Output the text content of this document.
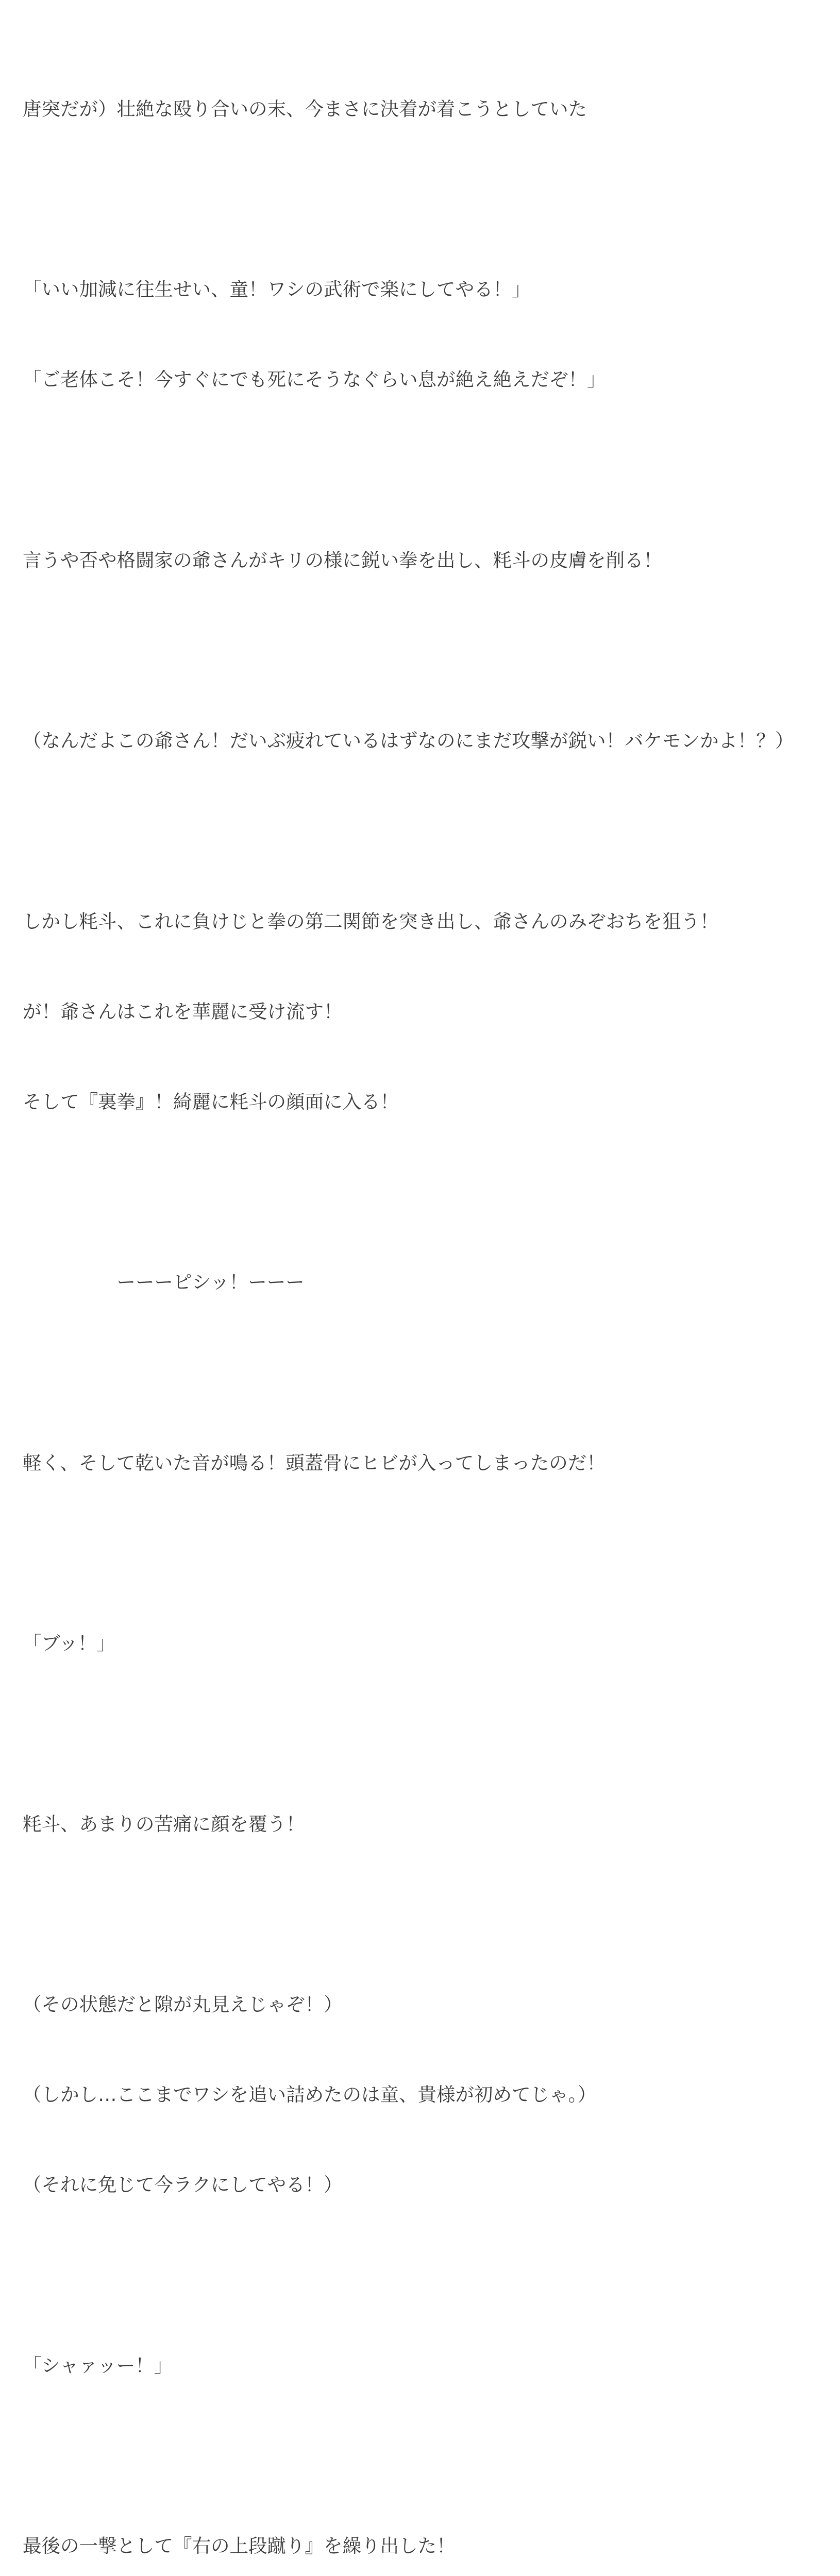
唐突だが）壮絶な殴り合いの末、今まさに決着が着こうとしていた

「いい加減に往生せい、童！ワシの武術で楽にしてやる！」

「ご老体こそ！今すぐにでも死にそうなぐらい息が絶え絶えだぞ！」

言うや否や格闘家の爺さんがキリの様に鋭い拳を出し、粍斗の皮膚を削る！

（なんだよこの爺さん！だいぶ疲れているはずなのにまだ攻撃が鋭い！バケモンかよ！？）

しかし粍斗、これに負けじと拳の第二関節を突き出し、爺さんのみぞおちを狙う！

が！爺さんはこれを華麗に受け流す！

そして『裏拳』！綺麗に粍斗の顔面に入る！

　　　　　ーーーピシッ！ーーー

軽く、そして乾いた音が鳴る！頭蓋骨にヒビが入ってしまったのだ！

「ブッ！」

粍斗、あまりの苦痛に顔を覆う！

（その状態だと隙が丸見えじゃぞ！）

（しかし…ここまでワシを追い詰めたのは童、貴様が初めてじゃ。）

（それに免じて今ラクにしてやる！）

「シャァッー！」

最後の一撃として『右の上段蹴り』を繰り出した！
